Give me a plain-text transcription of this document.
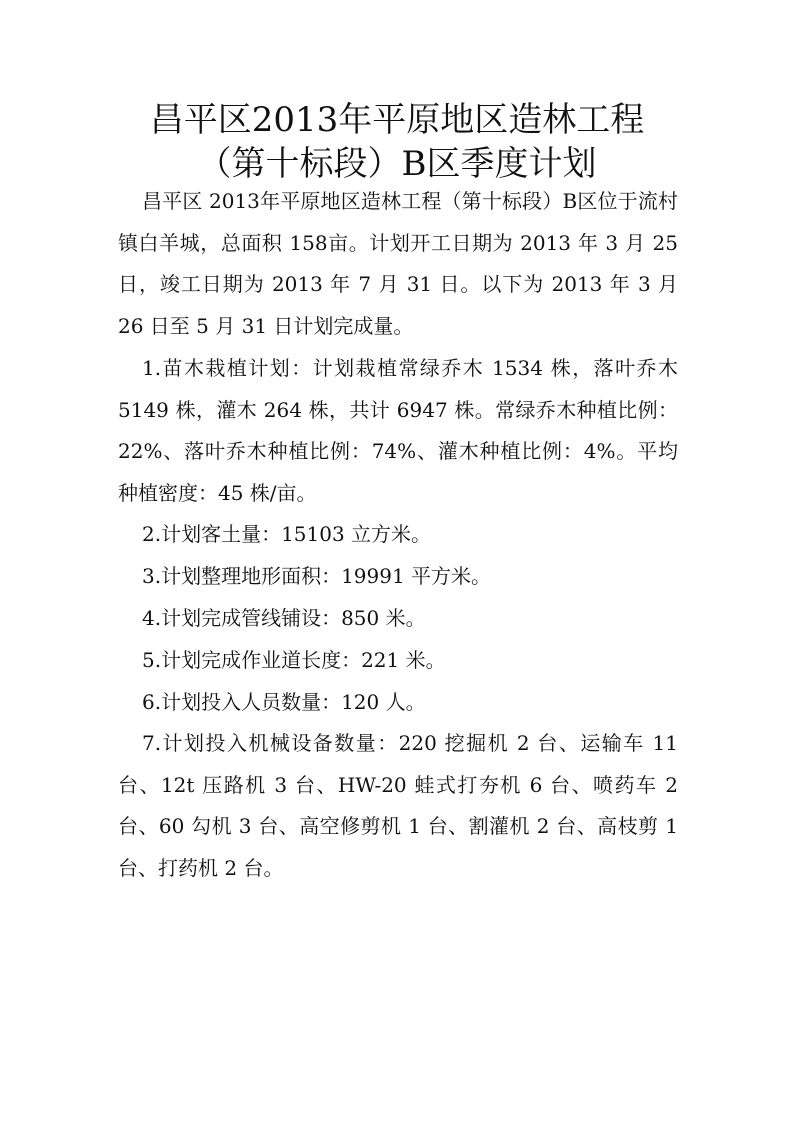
昌平区2013年平原地区造林工程
（第十标段）B区季度计划

昌平区 2013年平原地区造林工程（第十标段）B区位于流村镇白羊城，总面积 158亩。计划开工日期为 2013 年 3 月 25 日，竣工日期为 2013 年 7 月 31 日。以下为 2013 年 3 月 26 日至 5 月 31 日计划完成量。

1.苗木栽植计划：计划栽植常绿乔木 1534 株，落叶乔木 5149 株，灌木 264 株，共计 6947 株。常绿乔木种植比例：22%、落叶乔木种植比例：74%、灌木种植比例：4%。平均种植密度：45 株/亩。

2.计划客土量：15103 立方米。

3.计划整理地形面积：19991 平方米。

4.计划完成管线铺设：850 米。

5.计划完成作业道长度：221 米。

6.计划投入人员数量：120 人。

7.计划投入机械设备数量：220 挖掘机 2 台、运输车 11 台、12t 压路机 3 台、HW-20 蛙式打夯机 6 台、喷药车 2 台、60 勾机 3 台、高空修剪机 1 台、割灌机 2 台、高枝剪 1 台、打药机 2 台。
